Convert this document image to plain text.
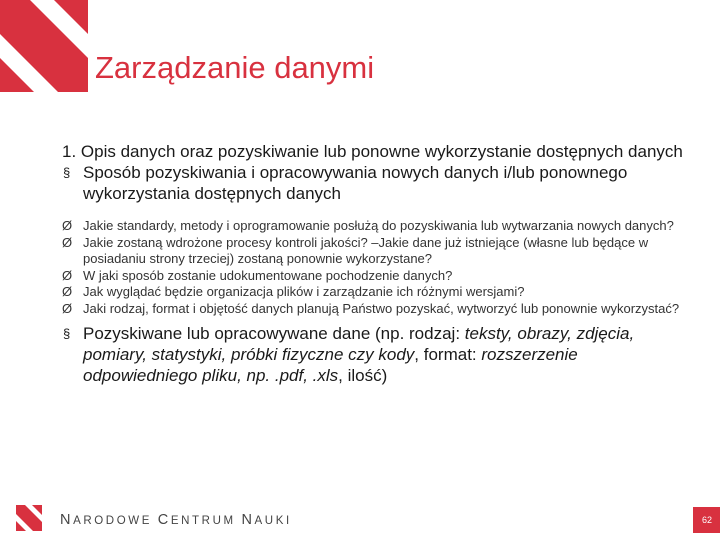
Zarządzanie danymi
1. Opis danych oraz pozyskiwanie lub ponowne wykorzystanie dostępnych danych
§ Sposób pozyskiwania i opracowywania nowych danych i/lub ponownego wykorzystania dostępnych danych
Ø Jakie standardy, metody i oprogramowanie posłużą do pozyskiwania lub wytwarzania nowych danych?
Ø Jakie zostaną wdrożone procesy kontroli jakości? –Jakie dane już istniejące (własne lub będące w posiadaniu strony trzeciej) zostaną ponownie wykorzystane?
Ø W jaki sposób zostanie udokumentowane pochodzenie danych?
Ø Jak wyglądać będzie organizacja plików i zarządzanie ich różnymi wersjami?
Ø Jaki rodzaj, format i objętość danych planują Państwo pozyskać, wytworzyć lub ponownie wykorzystać?
§ Pozyskiwane lub opracowywane dane (np. rodzaj: teksty, obrazy, zdjęcia, pomiary, statystyki, próbki fizyczne czy kody, format: rozszerzenie odpowiedniego pliku, np. .pdf, .xls, ilość)
NARODOWE CENTRUM NAUKI	62
